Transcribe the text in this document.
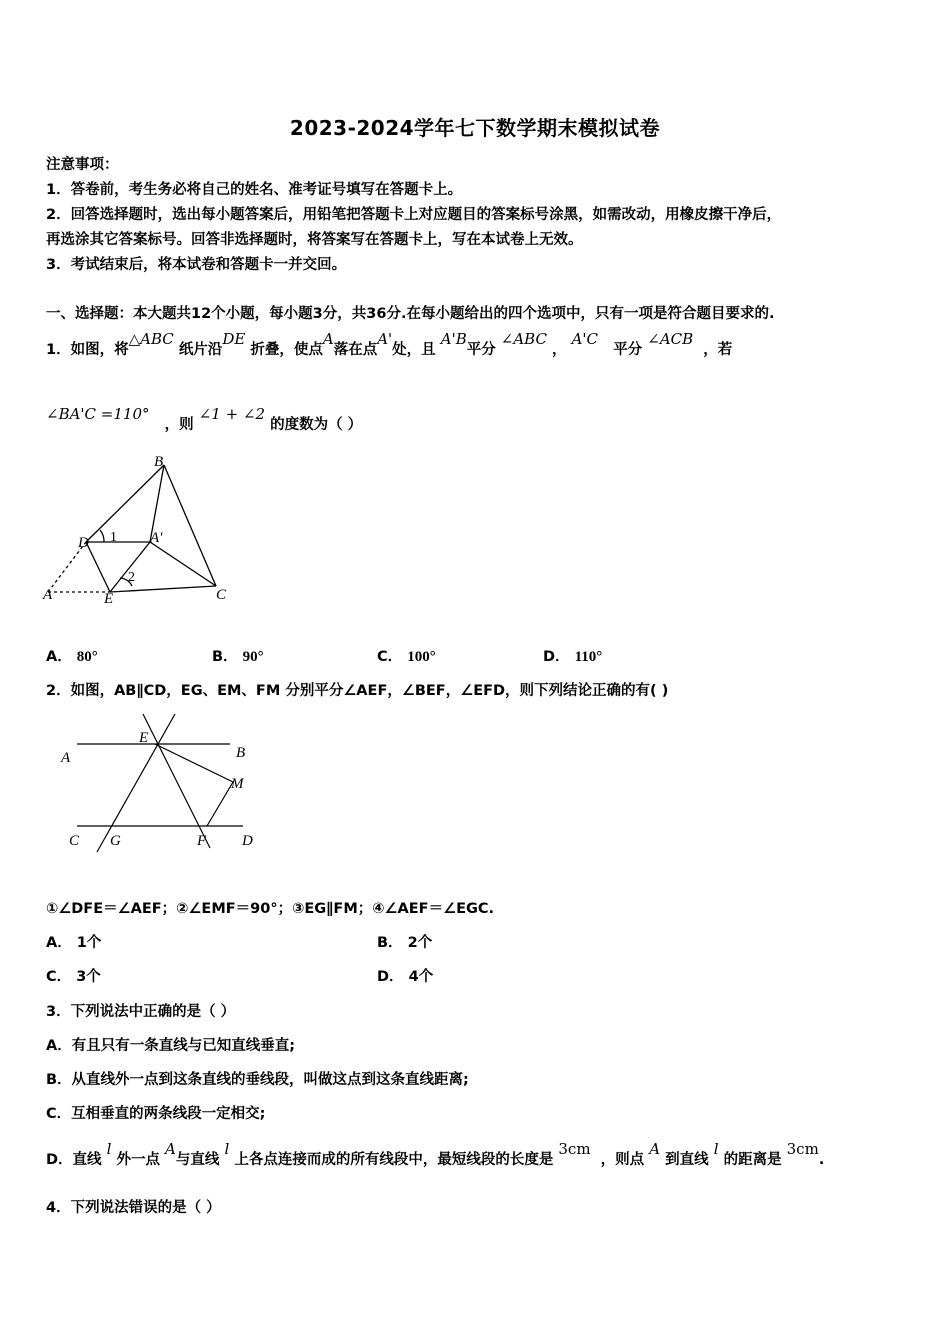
2023-2024学年七下数学期末模拟试卷
注意事项：
1．答卷前，考生务必将自己的姓名、准考证号填写在答题卡上。
2．回答选择题时，选出每小题答案后，用铅笔把答题卡上对应题目的答案标号涂黑，如需改动，用橡皮擦干净后，
再选涂其它答案标号。回答非选择题时，将答案写在答题卡上，写在本试卷上无效。
3．考试结束后，将本试卷和答题卡一并交回。
一、选择题：本大题共12个小题，每小题3分，共36分.在每小题给出的四个选项中，只有一项是符合题目要求的.
1．如图，将△ABC 纸片沿DE 折叠，使点A落在点A'处，且 A'B平分 ∠ABC ， A'C   平分 ∠ACB  ，若
∠BA'C =110°   ，则 ∠1 + ∠2 的度数为（ ）
B
D 1 A'
A	E
2
C
A． 80°	B． 90°	C． 100°	D． 110°
2．如图，AB∥CD，EG、EM、FM 分别平分∠AEF，∠BEF，∠EFD，则下列结论正确的有( )
A
E
B
M
C G	F D
①∠DFE＝∠AEF；②∠EMF＝90°；③EG∥FM；④∠AEF＝∠EGC.
A． 1个	B． 2个
C． 3个	D． 4个
3．下列说法中正确的是（ ）
A．有且只有一条直线与已知直线垂直;
B．从直线外一点到这条直线的垂线段，叫做这点到这条直线距离;
C．互相垂直的两条线段一定相交;
D．直线 l 外一点 A与直线 l 上各点连接而成的所有线段中，最短线段的长度是 3cm  ，则点 A 到直线 l 的距离是 3cm.
4．下列说法错误的是（ ）
